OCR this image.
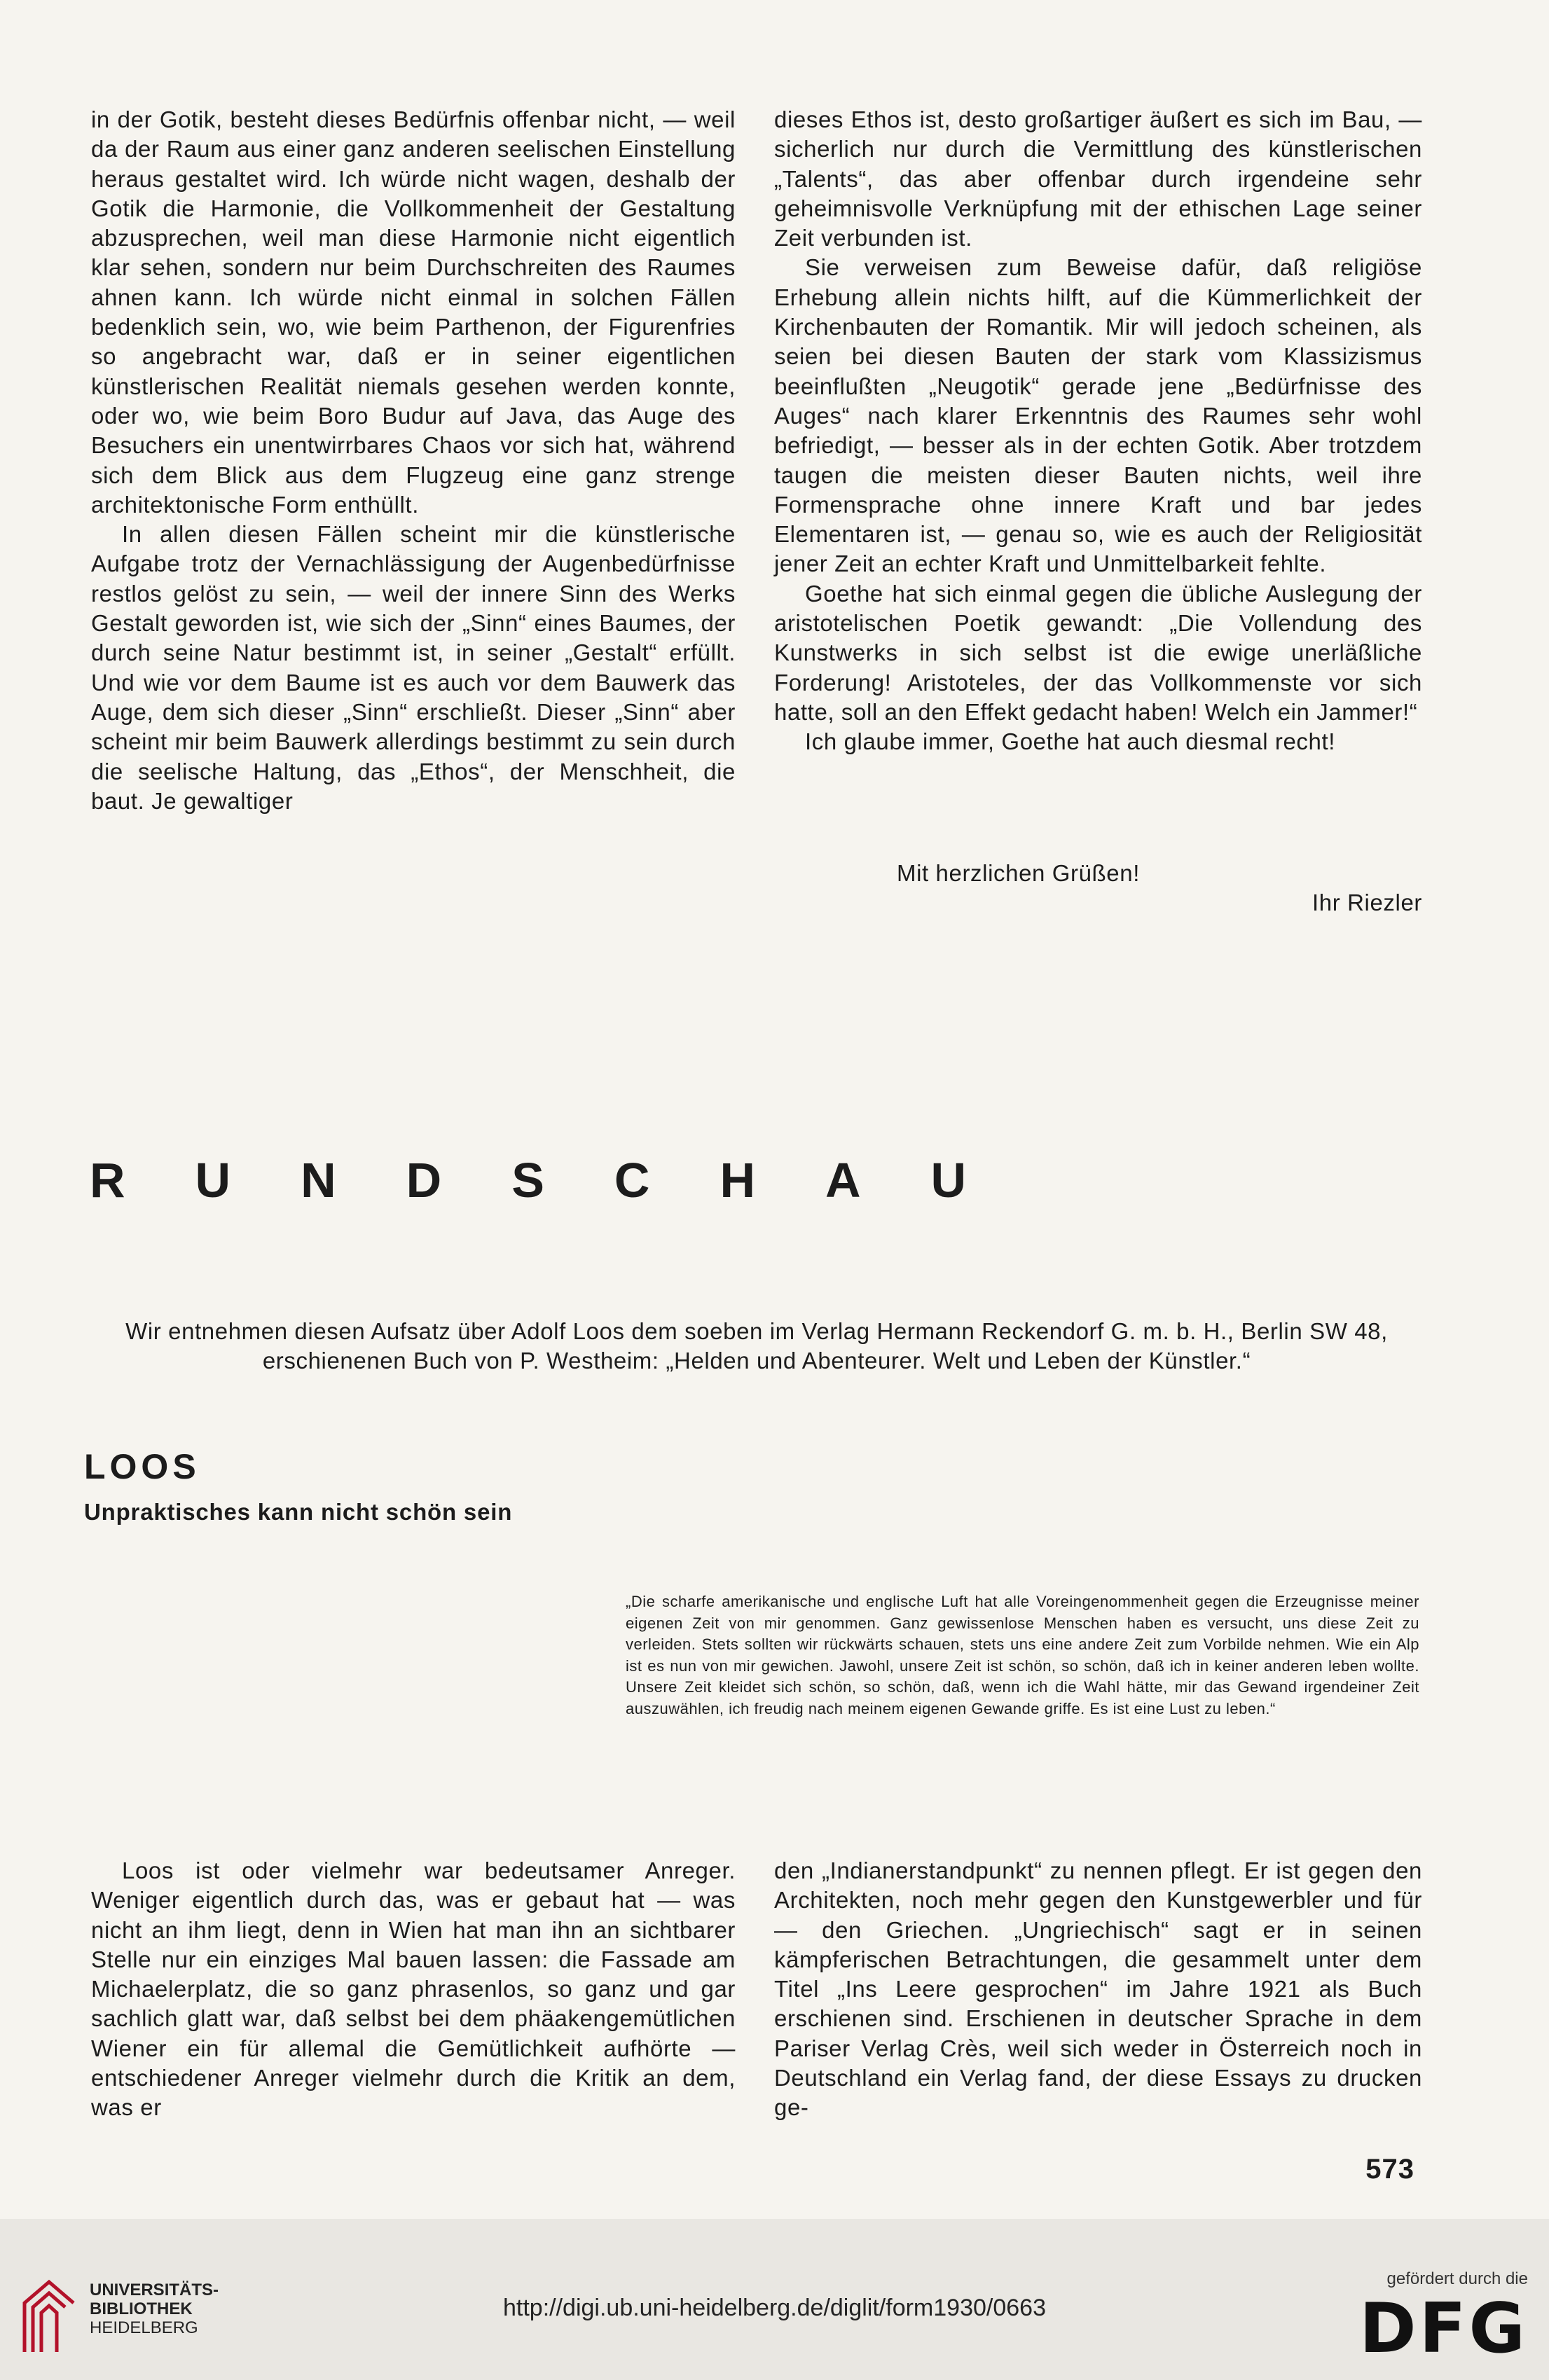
in der Gotik, besteht dieses Bedürfnis offenbar nicht, — weil da der Raum aus einer ganz anderen seelischen Einstellung heraus gestaltet wird. Ich würde nicht wagen, deshalb der Gotik die Harmonie, die Vollkommenheit der Gestaltung abzusprechen, weil man diese Harmonie nicht eigentlich klar sehen, sondern nur beim Durchschreiten des Raumes ahnen kann. Ich würde nicht einmal in solchen Fällen bedenklich sein, wo, wie beim Parthenon, der Figurenfries so angebracht war, daß er in seiner eigentlichen künstlerischen Realität niemals gesehen werden konnte, oder wo, wie beim Boro Budur auf Java, das Auge des Besuchers ein unentwirrbares Chaos vor sich hat, während sich dem Blick aus dem Flugzeug eine ganz strenge architektonische Form enthüllt.

In allen diesen Fällen scheint mir die künstlerische Aufgabe trotz der Vernachlässigung der Augenbedürfnisse restlos gelöst zu sein, — weil der innere Sinn des Werks Gestalt geworden ist, wie sich der „Sinn“ eines Baumes, der durch seine Natur bestimmt ist, in seiner „Gestalt“ erfüllt. Und wie vor dem Baume ist es auch vor dem Bauwerk das Auge, dem sich dieser „Sinn“ erschließt. Dieser „Sinn“ aber scheint mir beim Bauwerk allerdings bestimmt zu sein durch die seelische Haltung, das „Ethos“, der Menschheit, die baut. Je gewaltiger

dieses Ethos ist, desto großartiger äußert es sich im Bau, — sicherlich nur durch die Vermittlung des künstlerischen „Talents“, das aber offenbar durch irgendeine sehr geheimnisvolle Verknüpfung mit der ethischen Lage seiner Zeit verbunden ist.

Sie verweisen zum Beweise dafür, daß religiöse Erhebung allein nichts hilft, auf die Kümmerlichkeit der Kirchenbauten der Romantik. Mir will jedoch scheinen, als seien bei diesen Bauten der stark vom Klassizismus beeinflußten „Neugotik“ gerade jene „Bedürfnisse des Auges“ nach klarer Erkenntnis des Raumes sehr wohl befriedigt, — besser als in der echten Gotik. Aber trotzdem taugen die meisten dieser Bauten nichts, weil ihre Formensprache ohne innere Kraft und bar jedes Elementaren ist, — genau so, wie es auch der Religiosität jener Zeit an echter Kraft und Unmittelbarkeit fehlte.

Goethe hat sich einmal gegen die übliche Auslegung der aristotelischen Poetik gewandt: „Die Vollendung des Kunstwerks in sich selbst ist die ewige unerläßliche Forderung! Aristoteles, der das Vollkommenste vor sich hatte, soll an den Effekt gedacht haben! Welch ein Jammer!“

Ich glaube immer, Goethe hat auch diesmal recht!

Mit herzlichen Grüßen!
Ihr Riezler
RUNDSCHAU
Wir entnehmen diesen Aufsatz über Adolf Loos dem soeben im Verlag Hermann Reckendorf G. m. b. H., Berlin SW 48, erschienenen Buch von P. Westheim: „Helden und Abenteurer. Welt und Leben der Künstler.“
LOOS
Unpraktisches kann nicht schön sein
„Die scharfe amerikanische und englische Luft hat alle Voreingenommenheit gegen die Erzeugnisse meiner eigenen Zeit von mir genommen. Ganz gewissenlose Menschen haben es versucht, uns diese Zeit zu verleiden. Stets sollten wir rückwärts schauen, stets uns eine andere Zeit zum Vorbilde nehmen. Wie ein Alp ist es nun von mir gewichen. Jawohl, unsere Zeit ist schön, so schön, daß ich in keiner anderen leben wollte. Unsere Zeit kleidet sich schön, so schön, daß, wenn ich die Wahl hätte, mir das Gewand irgendeiner Zeit auszuwählen, ich freudig nach meinem eigenen Gewande griffe. Es ist eine Lust zu leben.“

Loos ist oder vielmehr war bedeutsamer Anreger. Weniger eigentlich durch das, was er gebaut hat — was nicht an ihm liegt, denn in Wien hat man ihn an sichtbarer Stelle nur ein einziges Mal bauen lassen: die Fassade am Michaelerplatz, die so ganz phrasenlos, so ganz und gar sachlich glatt war, daß selbst bei dem phäakengemütlichen Wiener ein für allemal die Gemütlichkeit aufhörte — entschiedener Anreger vielmehr durch die Kritik an dem, was er

den „Indianerstandpunkt“ zu nennen pflegt. Er ist gegen den Architekten, noch mehr gegen den Kunstgewerbler und für — den Griechen. „Ungriechisch“ sagt er in seinen kämpferischen Betrachtungen, die gesammelt unter dem Titel „Ins Leere gesprochen“ im Jahre 1921 als Buch erschienen sind. Erschienen in deutscher Sprache in dem Pariser Verlag Crès, weil sich weder in Österreich noch in Deutschland ein Verlag fand, der diese Essays zu drucken ge-

573
UNIVERSITÄTS-
BIBLIOTHEK
HEIDELBERG
http://digi.ub.uni-heidelberg.de/diglit/form1930/0663
gefördert durch die
DFG
